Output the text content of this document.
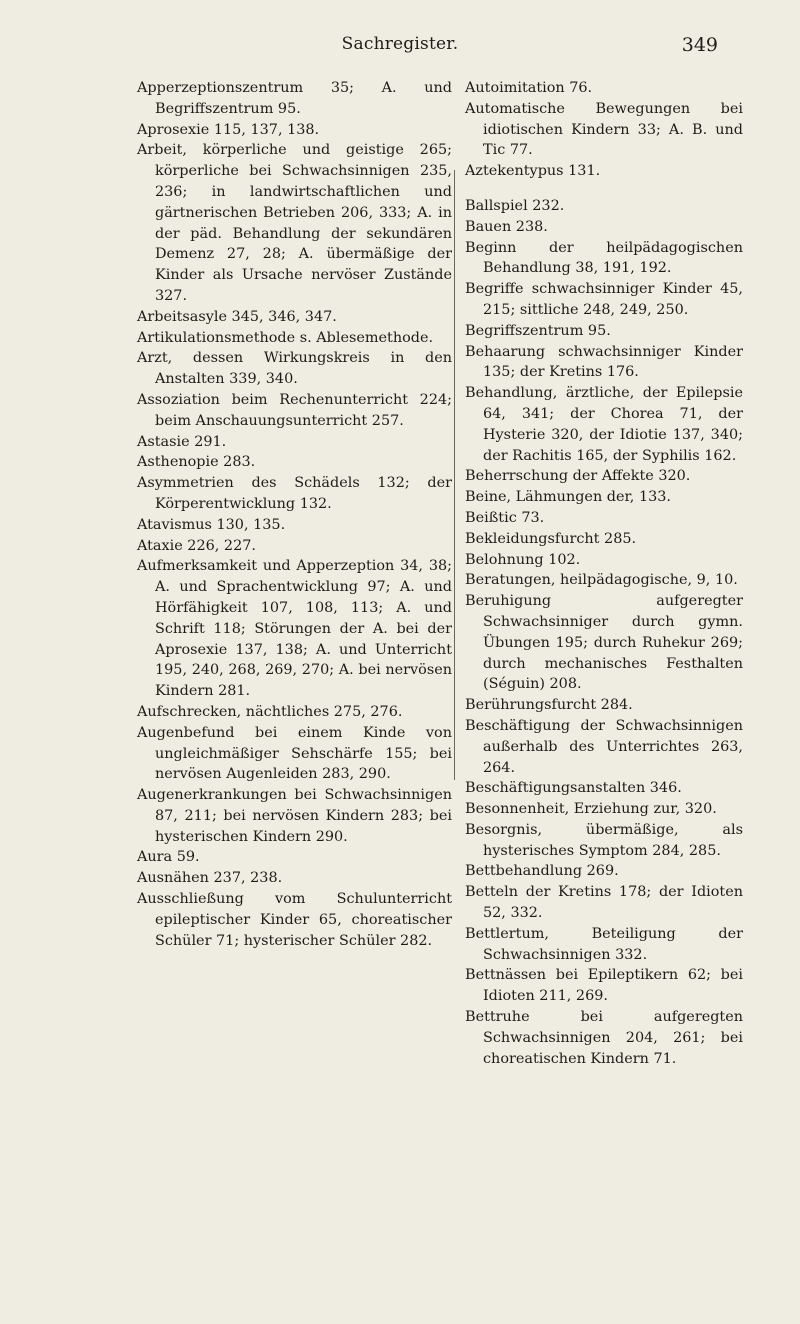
Sachregister.	349

Apperzeptionszentrum 35; A. und Begriffszentrum 95.

Aprosexie 115, 137, 138.

Arbeit, körperliche und geistige 265; körperliche bei Schwachsinnigen 235, 236; in landwirtschaftlichen und gärtnerischen Betrieben 206, 333; A. in der päd. Behandlung der sekundären Demenz 27, 28; A. übermäßige der Kinder als Ursache nervöser Zustände 327.

Arbeitsasyle 345, 346, 347.

Artikulationsmethode s. Ablesemethode.

Arzt, dessen Wirkungskreis in den Anstalten 339, 340.

Assoziation beim Rechenunterricht 224; beim Anschauungsunterricht 257.

Astasie 291.

Asthenopie 283.

Asymmetrien des Schädels 132; der Körperentwicklung 132.

Atavismus 130, 135.

Ataxie 226, 227.

Aufmerksamkeit und Apperzeption 34, 38; A. und Sprachentwicklung 97; A. und Hörfähigkeit 107, 108, 113; A. und Schrift 118; Störungen der A. bei der Aprosexie 137, 138; A. und Unterricht 195, 240, 268, 269, 270; A. bei nervösen Kindern 281.

Aufschrecken, nächtliches 275, 276.

Augenbefund bei einem Kinde von ungleichmäßiger Sehschärfe 155; bei nervösen Augenleiden 283, 290.

Augenerkrankungen bei Schwachsinnigen 87, 211; bei nervösen Kindern 283; bei hysterischen Kindern 290.

Aura 59.

Ausnähen 237, 238.

Ausschließung vom Schulunterricht epileptischer Kinder 65, choreatischer Schüler 71; hysterischer Schüler 282.

Autoimitation 76.

Automatische Bewegungen bei idiotischen Kindern 33; A. B. und Tic 77.

Aztekentypus 131.

Ballspiel 232.

Bauen 238.

Beginn der heilpädagogischen Behandlung 38, 191, 192.

Begriffe schwachsinniger Kinder 45, 215; sittliche 248, 249, 250.

Begriffszentrum 95.

Behaarung schwachsinniger Kinder 135; der Kretins 176.

Behandlung, ärztliche, der Epilepsie 64, 341; der Chorea 71, der Hysterie 320, der Idiotie 137, 340; der Rachitis 165, der Syphilis 162.

Beherrschung der Affekte 320.

Beine, Lähmungen der, 133.

Beißtic 73.

Bekleidungsfurcht 285.

Belohnung 102.

Beratungen, heilpädagogische, 9, 10.

Beruhigung aufgeregter Schwachsinniger durch gymn. Übungen 195; durch Ruhekur 269; durch mechanisches Festhalten (Séguin) 208.

Berührungsfurcht 284.

Beschäftigung der Schwachsinnigen außerhalb des Unterrichtes 263, 264.

Beschäftigungsanstalten 346.

Besonnenheit, Erziehung zur, 320.

Besorgnis, übermäßige, als hysterisches Symptom 284, 285.

Bettbehandlung 269.

Betteln der Kretins 178; der Idioten 52, 332.

Bettlertum, Beteiligung der Schwachsinnigen 332.

Bettnässen bei Epileptikern 62; bei Idioten 211, 269.

Bettruhe bei aufgeregten Schwachsinnigen 204, 261; bei choreatischen Kindern 71.
